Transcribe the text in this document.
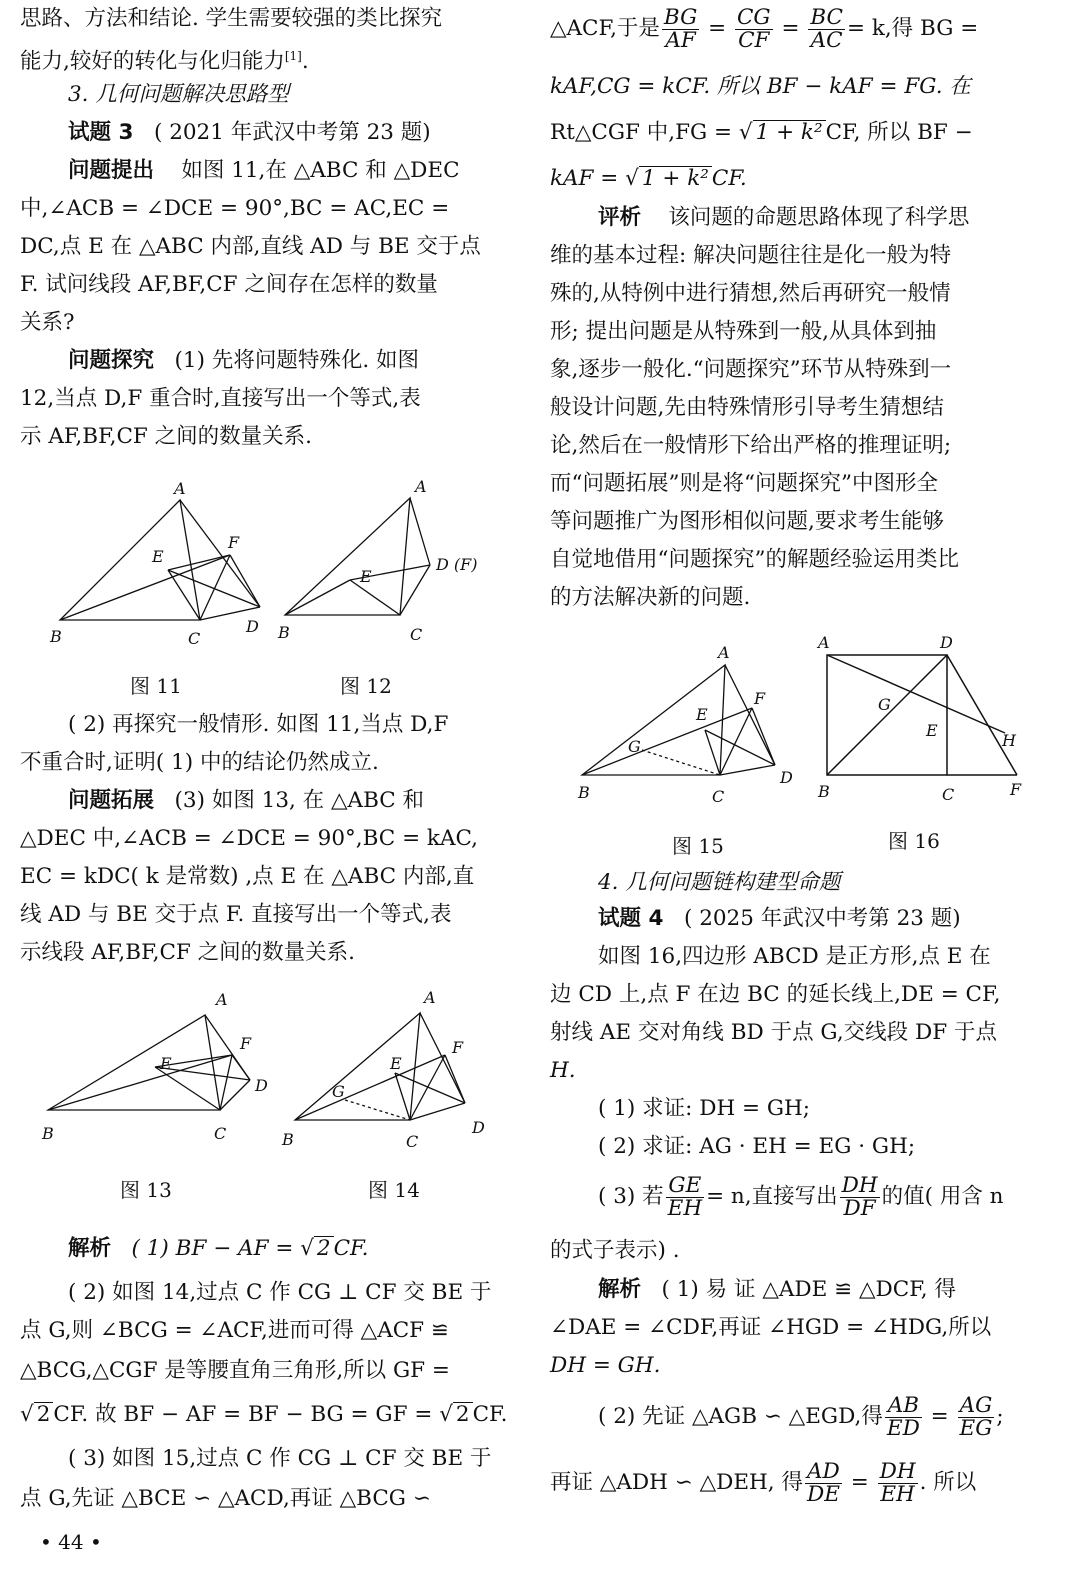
思路、方法和结论. 学生需要较强的类比探究
能力,较好的转化与化归能力[1].
3. 几何问题解决思路型
试题 3 ( 2021 年武汉中考第 23 题)
问题提出 如图 11,在 △ABC 和 △DEC
中,∠ACB = ∠DCE = 90°,BC = AC,EC =
DC,点 E 在 △ABC 内部,直线 AD 与 BE 交于点
F. 试问线段 AF,BF,CF 之间存在怎样的数量
关系?
问题探究 (1) 先将问题特殊化. 如图
12,当点 D,F 重合时,直接写出一个等式,表
示 AF,BF,CF 之间的数量关系.
A
B	C
D
E
F
图 11
A
B	C
D (F)
E
图 12
( 2) 再探究一般情形. 如图 11,当点 D,F
不重合时,证明( 1) 中的结论仍然成立.
问题拓展 (3) 如图 13, 在 △ABC 和
△DEC 中,∠ACB = ∠DCE = 90°,BC = kAC,
EC = kDC( k 是常数) ,点 E 在 △ABC 内部,直
线 AD 与 BE 交于点 F. 直接写出一个等式,表
示线段 AF,BF,CF 之间的数量关系.
A
B	C
D
E
F
图 13
A
B	C
D
E
F
G
图 14
解析 ( 1) BF − AF = √ 2 CF.
( 2) 如图 14,过点 C 作 CG ⊥ CF 交 BE 于
点 G,则 ∠BCG = ∠ACF,进而可得 △ACF ≌
△BCG,△CGF 是等腰直角三角形,所以 GF =
√ 2 CF. 故 BF − AF = BF − BG = GF = √ 2 CF.
( 3) 如图 15,过点 C 作 CG ⊥ CF 交 BE 于
点 G,先证 △BCE ∽ △ACD,再证 △BCG ∽
• 44 •
△ACF,于是 $\frac{BG}{AF} = \frac{CG}{CF} = \frac{BC}{AC} = k$,得 BG =
kAF,CG = kCF. 所以 BF − kAF = FG. 在
Rt△CGF 中,FG = √ 1 + k²CF, 所以 BF −
kAF = √ 1 + k²CF.
评析 该问题的命题思路体现了科学思
维的基本过程: 解决问题往往是化一般为特
殊的,从特例中进行猜想,然后再研究一般情
形; 提出问题是从特殊到一般,从具体到抽
象,逐步一般化.“问题探究”环节从特殊到一
般设计问题,先由特殊情形引导考生猜想结
论,然后在一般情形下给出严格的推理证明;
而“问题拓展”则是将“问题探究”中图形全
等问题推广为图形相似问题,要求考生能够
自觉地借用“问题探究”的解题经验运用类比
的方法解决新的问题.
A
B	C
D
E
F
G
图 15
A	D
B	C	F
G
E
H
图 16
4. 几何问题链构建型命题
试题 4 ( 2025 年武汉中考第 23 题)
如图 16,四边形 ABCD 是正方形,点 E 在
边 CD 上,点 F 在边 BC 的延长线上,DE = CF,
射线 AE 交对角线 BD 于点 G,交线段 DF 于点
H.
( 1) 求证: DH = GH;
( 2) 求证: AG · EH = EG · GH;
( 3) 若 $\frac{GE}{EH} = n$,直接写出 $\frac{DH}{DF}$ 的值( 用含 n
的式子表示) .
解析 ( 1) 易 证 △ADE ≌ △DCF, 得
∠DAE = ∠CDF,再证 ∠HGD = ∠HDG,所以
DH = GH.
( 2) 先证 △AGB ∽ △EGD,得 $\frac{AB}{ED} = \frac{AG}{EG}$ ;
再证 △ADH ∽ △DEH, 得 $\frac{AD}{DE} = \frac{DH}{EH}$ . 所以
